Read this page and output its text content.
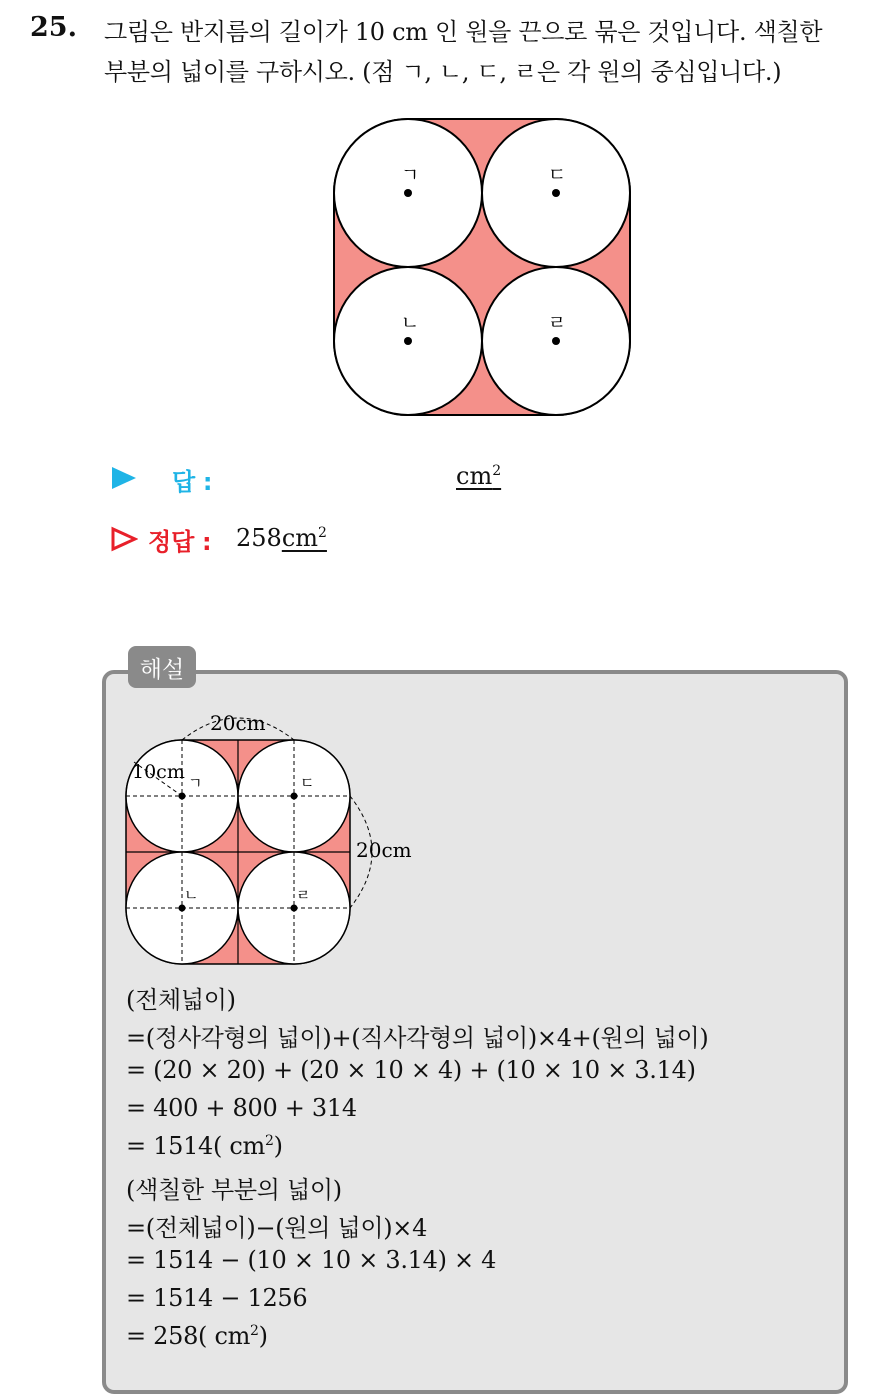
25. 그림은 반지름의 길이가 10 cm 인 원을 끈으로 묶은 것입니다. 색칠한
부분의 넓이를 구하시오. (점 ㄱ, ㄴ, ㄷ, ㄹ은 각 원의 중심입니다.)
ㄱ	ㄷ
ㄴ	ㄹ
답 :	$cm^2$
정답 : $258cm^2$
해설
ㄱ	ㄷ
ㄴ	ㄹ
20cm
10cm
20cm
(전체넓이)
=(정사각형의 넓이)+(직사각형의 넓이)×4+(원의 넓이)
= (20 × 20) + (20 × 10 × 4) + (10 × 10 × 3.14)
= 400 + 800 + 314
= 1514( $cm^2$)
(색칠한 부분의 넓이)
=(전체넓이)−(원의 넓이)×4
= 1514 − (10 × 10 × 3.14) × 4
= 1514 − 1256
= 258( $cm^2$)
